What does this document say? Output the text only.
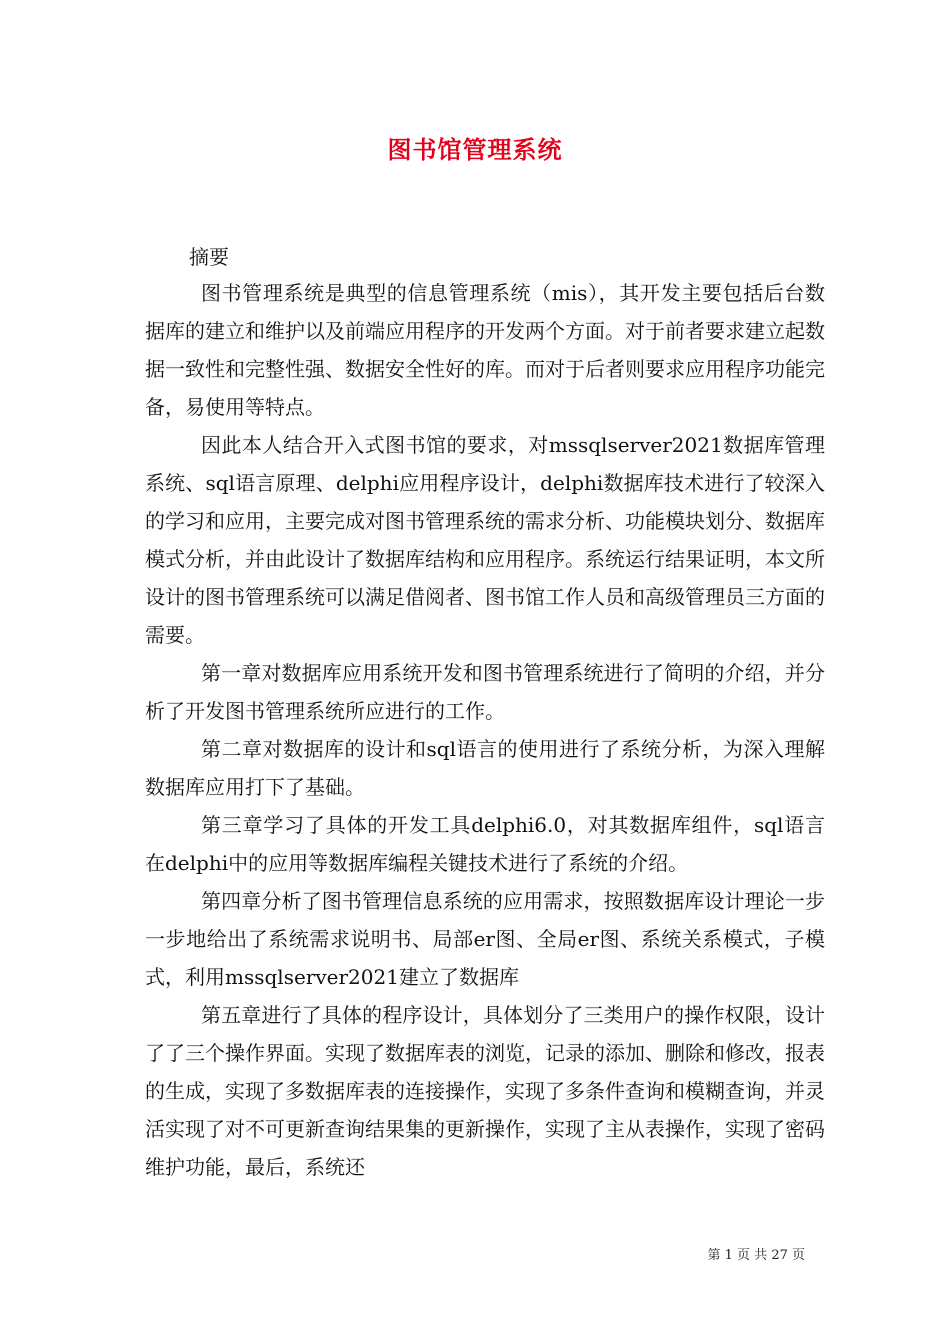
图书馆管理系统

摘要

图书管理系统是典型的信息管理系统（mis），其开发主要包括后台数据库的建立和维护以及前端应用程序的开发两个方面。对于前者要求建立起数据一致性和完整性强、数据安全性好的库。而对于后者则要求应用程序功能完备，易使用等特点。

因此本人结合开入式图书馆的要求，对mssqlserver2021数据库管理系统、sql语言原理、delphi应用程序设计，delphi数据库技术进行了较深入的学习和应用，主要完成对图书管理系统的需求分析、功能模块划分、数据库模式分析，并由此设计了数据库结构和应用程序。系统运行结果证明，本文所设计的图书管理系统可以满足借阅者、图书馆工作人员和高级管理员三方面的需要。

第一章对数据库应用系统开发和图书管理系统进行了简明的介绍，并分析了开发图书管理系统所应进行的工作。

第二章对数据库的设计和sql语言的使用进行了系统分析，为深入理解数据库应用打下了基础。

第三章学习了具体的开发工具delphi6.0，对其数据库组件，sql语言在delphi中的应用等数据库编程关键技术进行了系统的介绍。

第四章分析了图书管理信息系统的应用需求，按照数据库设计理论一步一步地给出了系统需求说明书、局部er图、全局er图、系统关系模式，子模式，利用mssqlserver2021建立了数据库

第五章进行了具体的程序设计，具体划分了三类用户的操作权限，设计了了三个操作界面。实现了数据库表的浏览，记录的添加、删除和修改，报表的生成，实现了多数据库表的连接操作，实现了多条件查询和模糊查询，并灵活实现了对不可更新查询结果集的更新操作，实现了主从表操作，实现了密码维护功能，最后，系统还

第 1 页 共 27 页
